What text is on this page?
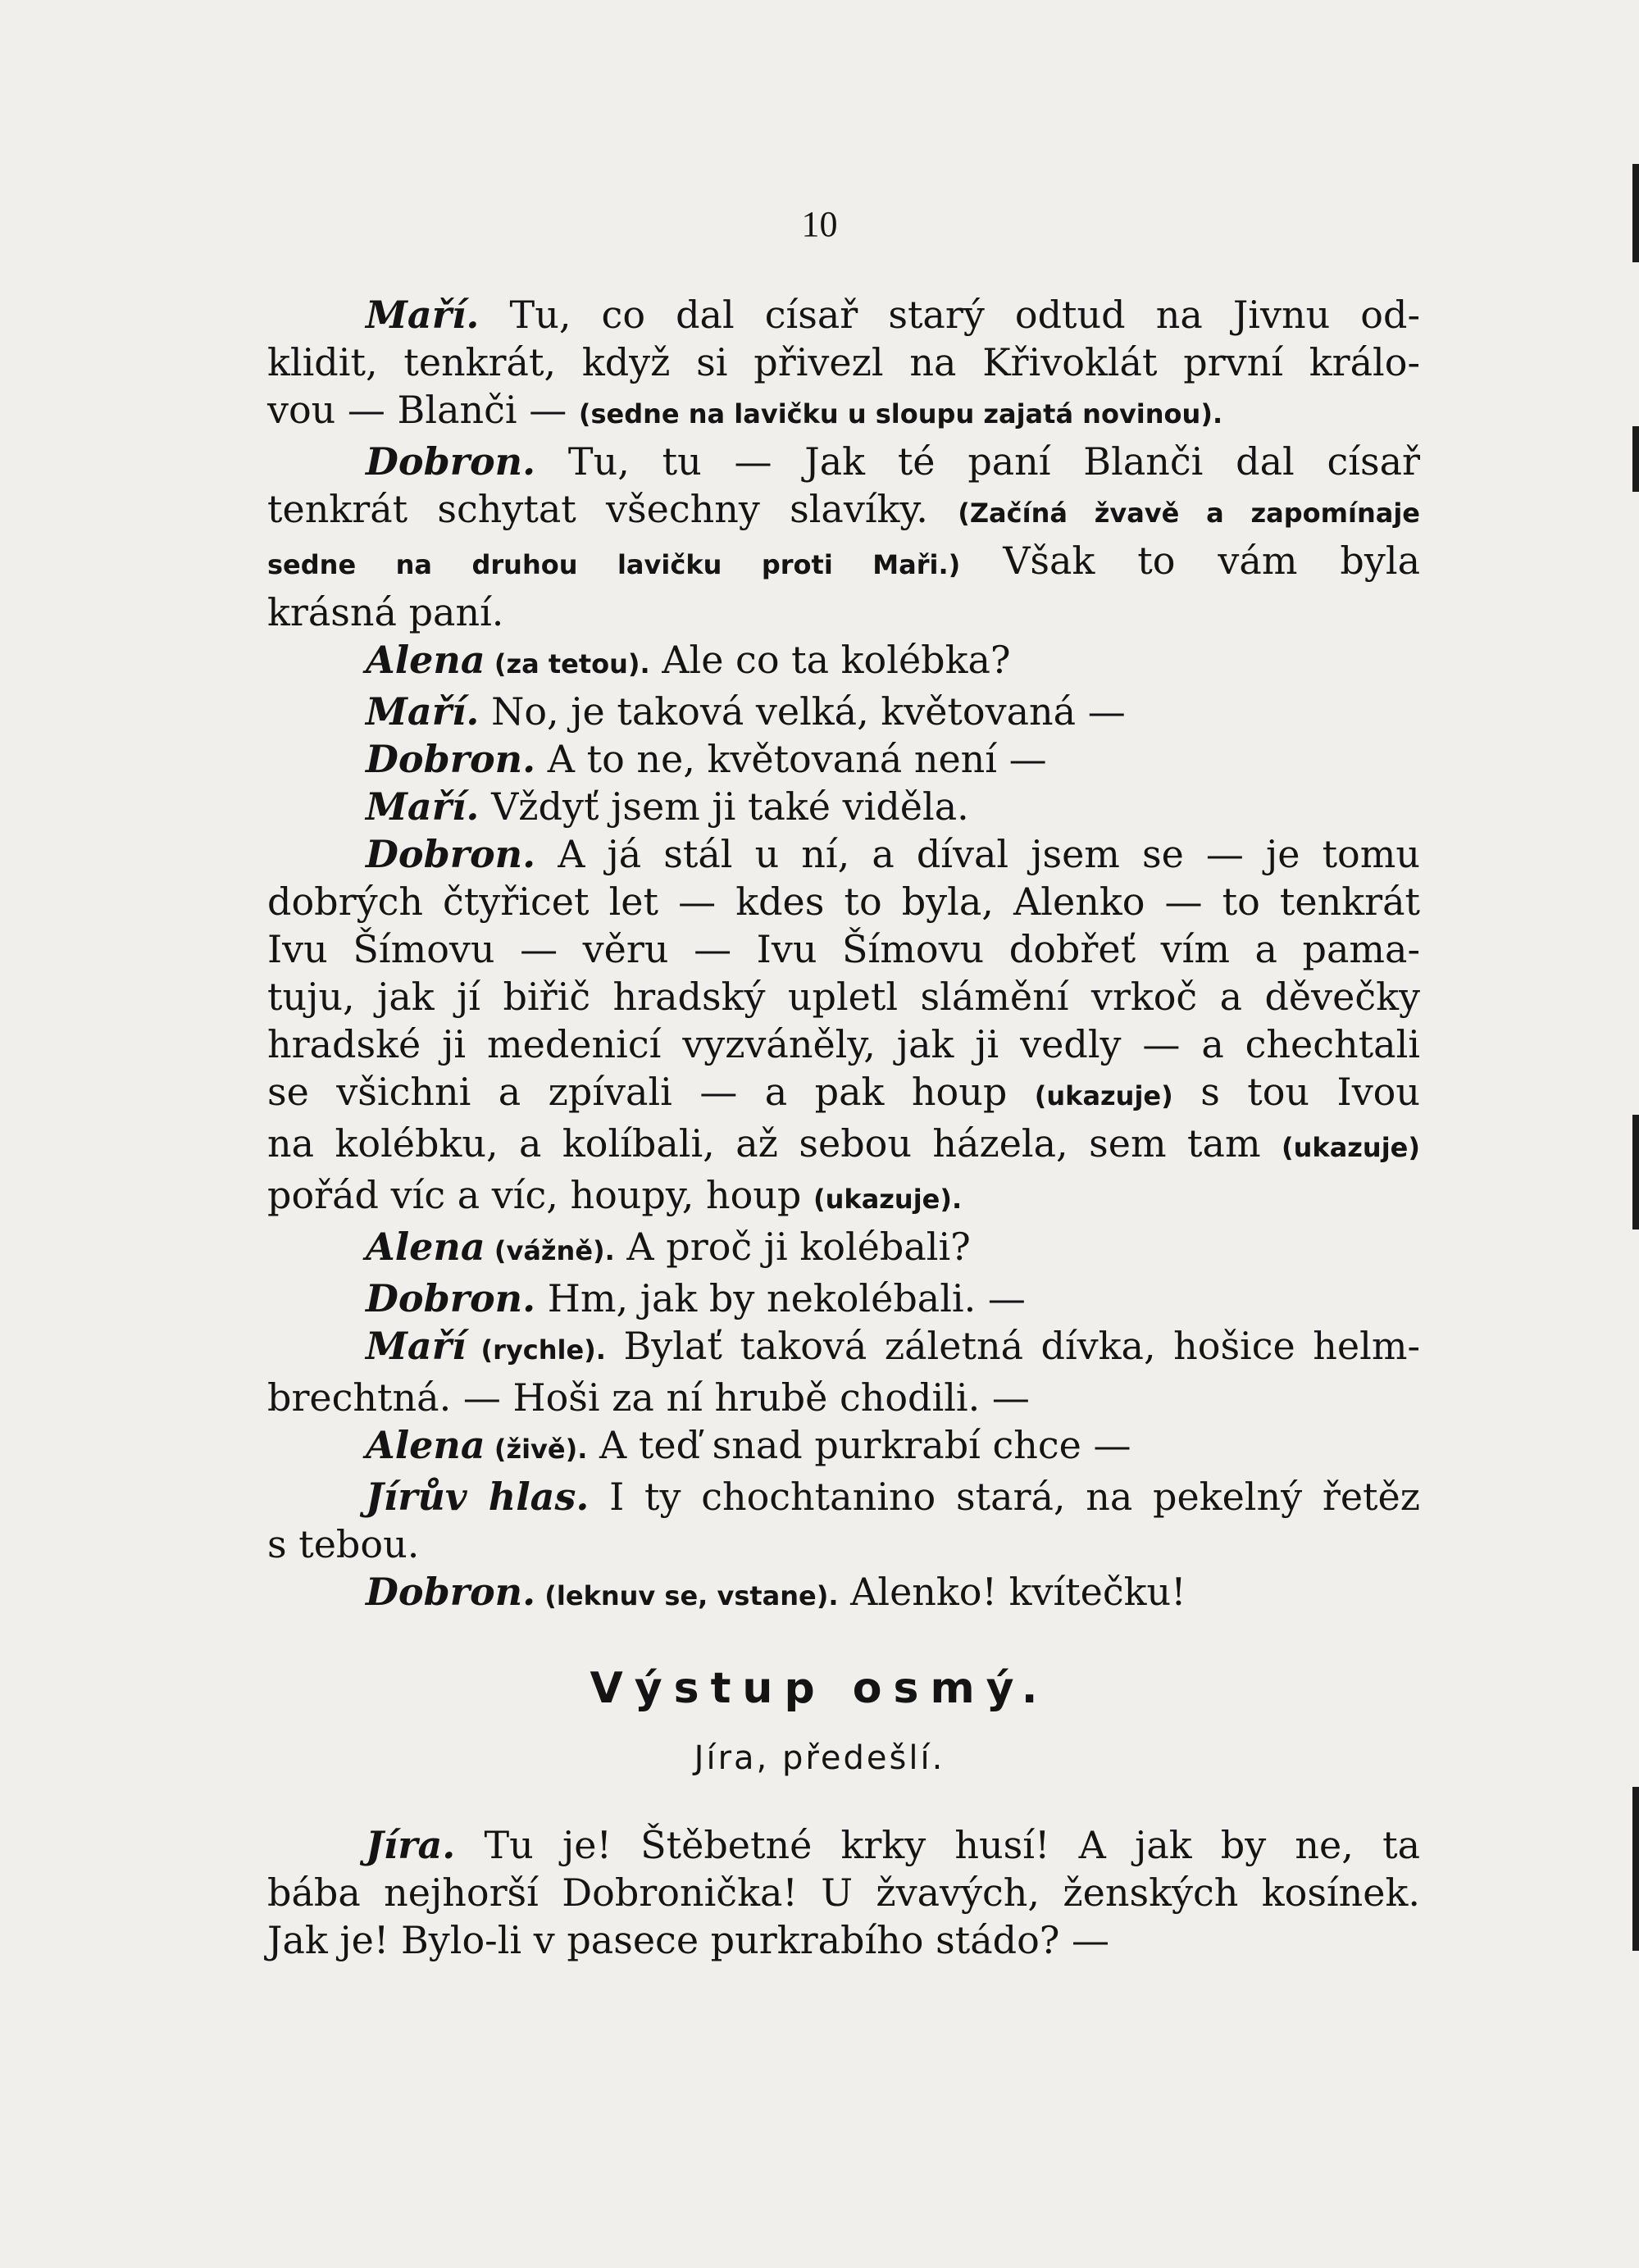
10
Maří. Tu, co dal císař starý odtud na Jivnu od-
klidit, tenkrát, když si přivezl na Křivoklát první králo-
vou — Blanči — (sedne na lavičku u sloupu zajatá novinou).
Dobron. Tu, tu — Jak té paní Blanči dal císař
tenkrát schytat všechny slavíky. (Začíná žvavě a zapomínaje
sedne na druhou lavičku proti Maři.) Však to vám byla
krásná paní.
Alena (za tetou). Ale co ta kolébka?
Maří. No, je taková velká, květovaná —
Dobron. A to ne, květovaná není —
Maří. Vždyť jsem ji také viděla.
Dobron. A já stál u ní, a díval jsem se — je tomu
dobrých čtyřicet let — kdes to byla, Alenko — to tenkrát
Ivu Šímovu — věru — Ivu Šímovu dobřeť vím a pama-
tuju, jak jí biřič hradský upletl slámění vrkoč a děvečky
hradské ji medenicí vyzváněly, jak ji vedly — a chechtali
se všichni a zpívali — a pak houp (ukazuje) s tou Ivou
na kolébku, a kolíbali, až sebou házela, sem tam (ukazuje)
pořád víc a víc, houpy, houp (ukazuje).
Alena (vážně). A proč ji kolébali?
Dobron. Hm, jak by nekolébali. —
Maří (rychle). Bylať taková záletná dívka, hošice helm-
brechtná. — Hoši za ní hrubě chodili. —
Alena (živě). A teď snad purkrabí chce —
Jírův hlas. I ty chochtanino stará, na pekelný řetěz
s tebou.
Dobron. (leknuv se, vstane). Alenko! kvítečku!
Výstup osmý.
Jíra, předešlí.
Jíra. Tu je! Štěbetné krky husí! A jak by ne, ta
bába nejhorší Dobronička! U žvavých, ženských kosínek.
Jak je! Bylo-li v pasece purkrabího stádo? —
